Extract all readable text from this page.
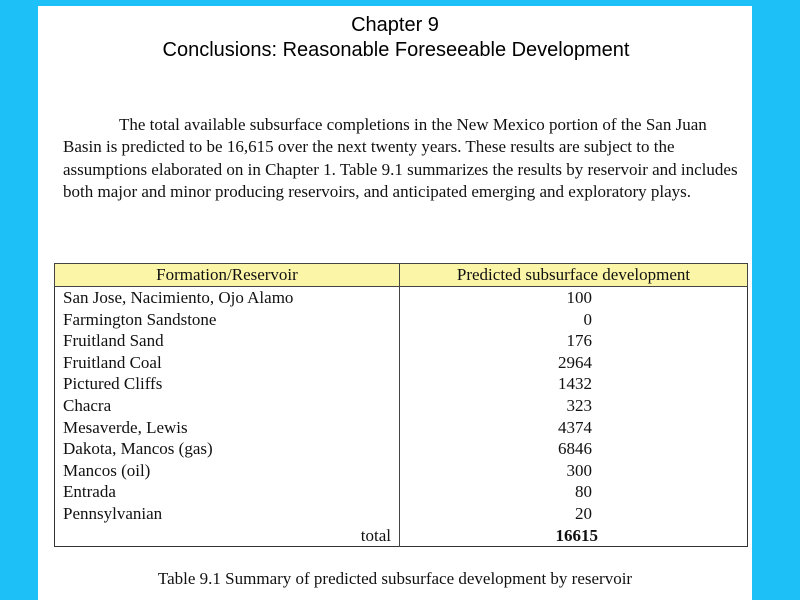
Chapter 9
Conclusions: Reasonable Foreseeable Development

The total available subsurface completions in the New Mexico portion of the San Juan Basin is predicted to be 16,615 over the next twenty years. These results are subject to the assumptions elaborated on in Chapter 1. Table 9.1 summarizes the results by reservoir and includes both major and minor producing reservoirs, and anticipated emerging and exploratory plays.

Formation/Reservoir	Predicted subsurface development
San Jose, Nacimiento, Ojo Alamo	100
Farmington Sandstone	0
Fruitland Sand	176
Fruitland Coal	2964
Pictured Cliffs	1432
Chacra	323
Mesaverde, Lewis	4374
Dakota, Mancos (gas)	6846
Mancos (oil)	300
Entrada	80
Pennsylvanian	20
total	16615
Table 9.1 Summary of predicted subsurface development by reservoir
